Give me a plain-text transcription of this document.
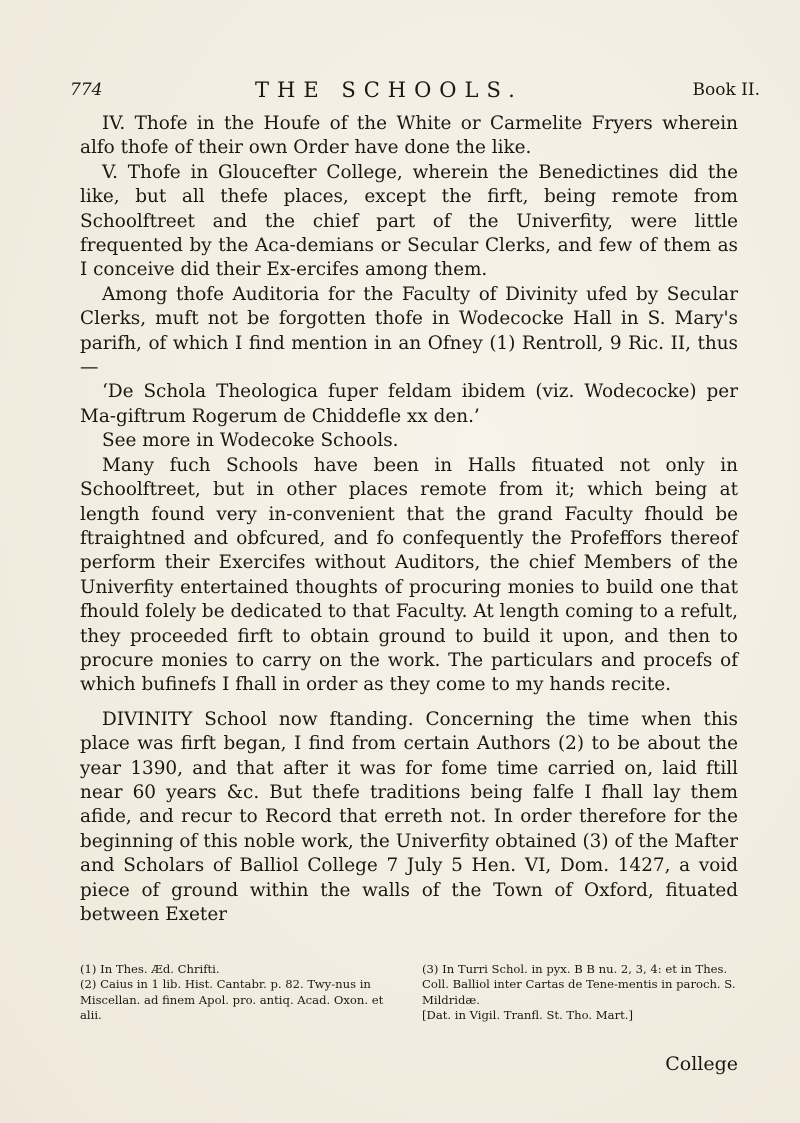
774	THE SCHOOLS.	Book II.

IV. Thofe in the Houfe of the White or Carmelite Fryers wherein alfo thofe of their own Order have done the like.

V. Thofe in Gloucefter College, wherein the Benedictines did the like, but all thefe places, except the firft, being remote from Schoolftreet and the chief part of the Univerfity, were little frequented by the Aca-demians or Secular Clerks, and few of them as I conceive did their Ex-ercifes among them.

Among thofe Auditoria for the Faculty of Divinity ufed by Secular Clerks, muft not be forgotten thofe in Wodecocke Hall in S. Mary's parifh, of which I find mention in an Ofney (1) Rentroll, 9 Ric. II, thus—

‘De Schola Theologica fuper feldam ibidem (viz. Wodecocke) per Ma-giftrum Rogerum de Chiddefle xx den.’

See more in Wodecoke Schools.

Many fuch Schools have been in Halls fituated not only in Schoolftreet, but in other places remote from it; which being at length found very in-convenient that the grand Faculty fhould be ftraightned and obfcured, and fo confequently the Profeffors thereof perform their Exercifes without Auditors, the chief Members of the Univerfity entertained thoughts of procuring monies to build one that fhould folely be dedicated to that Faculty. At length coming to a refult, they proceeded firft to obtain ground to build it upon, and then to procure monies to carry on the work. The particulars and procefs of which bufinefs I fhall in order as they come to my hands recite.

DIVINITY School now ftanding. Concerning the time when this place was firft began, I find from certain Authors (2) to be about the year 1390, and that after it was for fome time carried on, laid ftill near 60 years &c. But thefe traditions being falfe I fhall lay them afide, and recur to Record that erreth not. In order therefore for the beginning of this noble work, the Univerfity obtained (3) of the Mafter and Scholars of Balliol College 7 July 5 Hen. VI, Dom. 1427, a void piece of ground within the walls of the Town of Oxford, fituated between Exeter

(1) In Thes. Æd. Chrifti.

(2) Caius in 1 lib. Hist. Cantabr. p. 82. Twy-nus in Miscellan. ad finem Apol. pro. antiq. Acad. Oxon. et alii.

(3) In Turri Schol. in pyx. B B nu. 2, 3, 4: et in Thes. Coll. Balliol inter Cartas de Tene-mentis in paroch. S. Mildridæ.

[Dat. in Vigil. Tranfl. St. Tho. Mart.]

College
